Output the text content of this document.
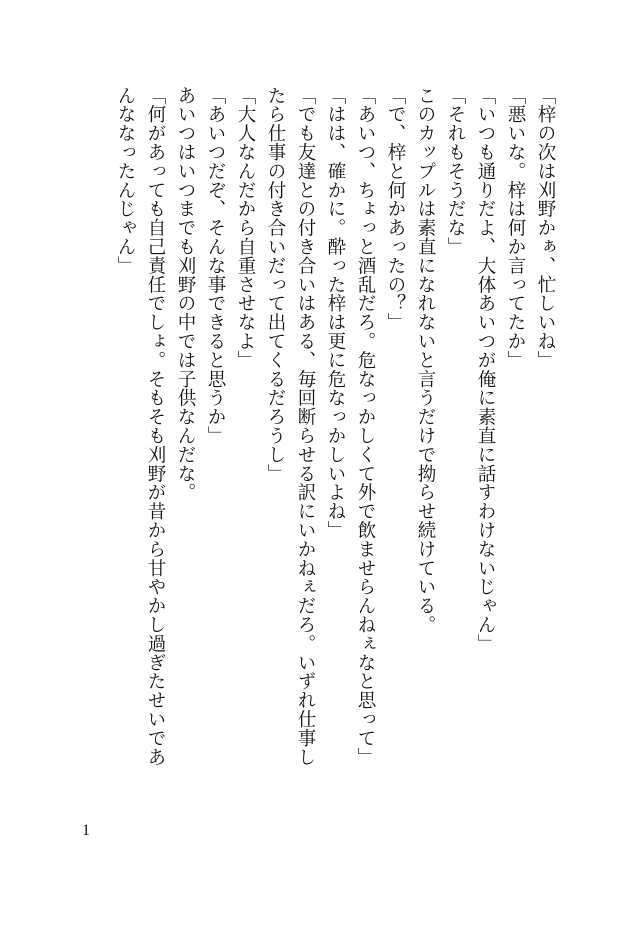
「梓の次は刈野かぁ、忙しいね」
「悪いな。梓は何か言ってたか」
「いつも通りだよ、大体あいつが俺に素直に話すわけないじゃん」
「それもそうだな」
このカップルは素直になれないと言うだけで拗らせ続けている。
「で、梓と何かあったの？」
「あいつ、ちょっと酒乱だろ。危なっかしくて外で飲ませらんねぇなと思って」
「はは、確かに。酔った梓は更に危なっかしいよね」
「でも友達との付き合いはある、毎回断らせる訳にいかねぇだろ。いずれ仕事し
たら仕事の付き合いだって出てくるだろうし」
「大人なんだから自重させなよ」
「あいつだぞ、そんな事できると思うか」
あいつはいつまでも刈野の中では子供なんだな。
「何があっても自己責任でしょ。そもそも刈野が昔から甘やかし過ぎたせいであ
んななったんじゃん」
1
